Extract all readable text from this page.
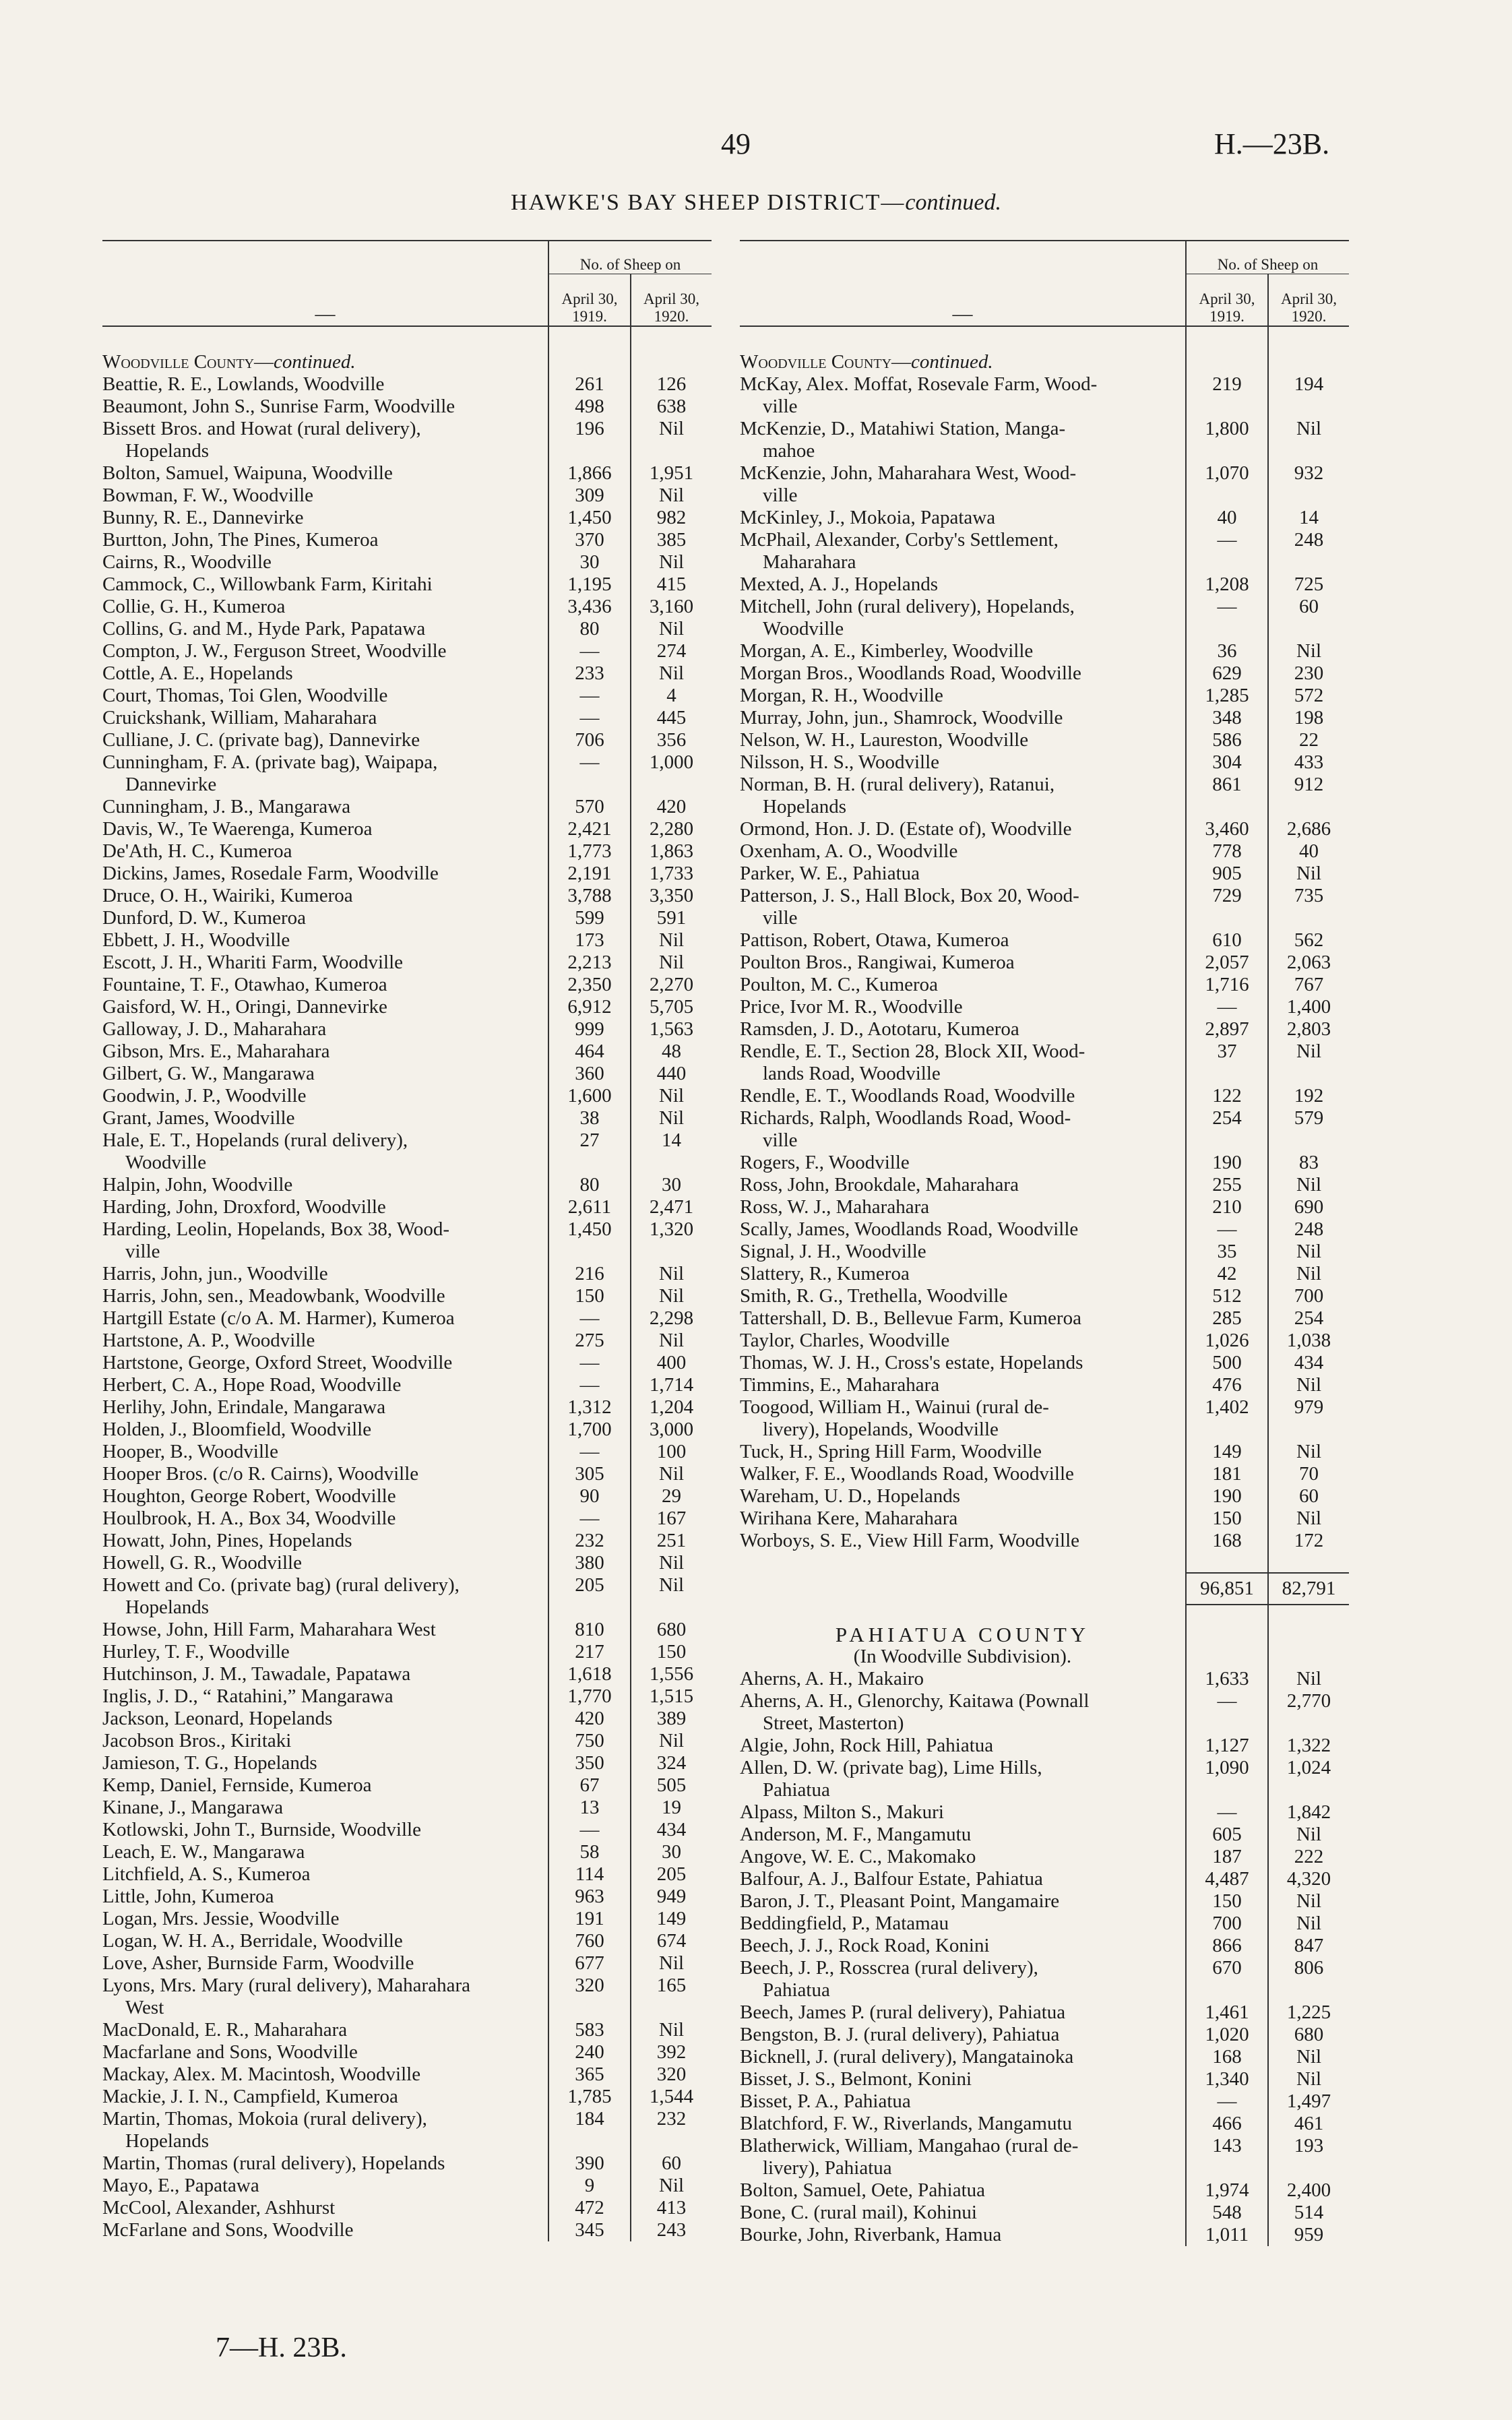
49	H.—23B.
HAWKE'S BAY SHEEP DISTRICT—continued.
—	No. of Sheep on	
	April 30, 1919.	April 30, 1920.
Woodville County—continued.		
Beattie, R. E., Lowlands, Woodville	261	126
Beaumont, John S., Sunrise Farm, Woodville	498	638
Bissett Bros. and Howat (rural delivery),
Hopelands	196	Nil
Bolton, Samuel, Waipuna, Woodville	1,866	1,951
Bowman, F. W., Woodville	309	Nil
Bunny, R. E., Dannevirke	1,450	982
Burtton, John, The Pines, Kumeroa	370	385
Cairns, R., Woodville	30	Nil
Cammock, C., Willowbank Farm, Kiritahi	1,195	415
Collie, G. H., Kumeroa	3,436	3,160
Collins, G. and M., Hyde Park, Papatawa	80	Nil
Compton, J. W., Ferguson Street, Woodville	—	274
Cottle, A. E., Hopelands	233	Nil
Court, Thomas, Toi Glen, Woodville	—	4
Cruickshank, William, Maharahara	—	445
Culliane, J. C. (private bag), Dannevirke	706	356
Cunningham, F. A. (private bag), Waipapa,
Dannevirke	—	1,000
Cunningham, J. B., Mangarawa	570	420
Davis, W., Te Waerenga, Kumeroa	2,421	2,280
De'Ath, H. C., Kumeroa	1,773	1,863
Dickins, James, Rosedale Farm, Woodville	2,191	1,733
Druce, O. H., Wairiki, Kumeroa	3,788	3,350
Dunford, D. W., Kumeroa	599	591
Ebbett, J. H., Woodville	173	Nil
Escott, J. H., Whariti Farm, Woodville	2,213	Nil
Fountaine, T. F., Otawhao, Kumeroa	2,350	2,270
Gaisford, W. H., Oringi, Dannevirke	6,912	5,705
Galloway, J. D., Maharahara	999	1,563
Gibson, Mrs. E., Maharahara	464	48
Gilbert, G. W., Mangarawa	360	440
Goodwin, J. P., Woodville	1,600	Nil
Grant, James, Woodville	38	Nil
Hale, E. T., Hopelands (rural delivery),
Woodville	27	14
Halpin, John, Woodville	80	30
Harding, John, Droxford, Woodville	2,611	2,471
Harding, Leolin, Hopelands, Box 38, Wood-
ville	1,450	1,320
Harris, John, jun., Woodville	216	Nil
Harris, John, sen., Meadowbank, Woodville	150	Nil
Hartgill Estate (c/o A. M. Harmer), Kumeroa	—	2,298
Hartstone, A. P., Woodville	275	Nil
Hartstone, George, Oxford Street, Woodville	—	400
Herbert, C. A., Hope Road, Woodville	—	1,714
Herlihy, John, Erindale, Mangarawa	1,312	1,204
Holden, J., Bloomfield, Woodville	1,700	3,000
Hooper, B., Woodville	—	100
Hooper Bros. (c/o R. Cairns), Woodville	305	Nil
Houghton, George Robert, Woodville	90	29
Houlbrook, H. A., Box 34, Woodville	—	167
Howatt, John, Pines, Hopelands	232	251
Howell, G. R., Woodville	380	Nil
Howett and Co. (private bag) (rural delivery),
Hopelands	205	Nil
Howse, John, Hill Farm, Maharahara West	810	680
Hurley, T. F., Woodville	217	150
Hutchinson, J. M., Tawadale, Papatawa	1,618	1,556
Inglis, J. D., “ Ratahini,” Mangarawa	1,770	1,515
Jackson, Leonard, Hopelands	420	389
Jacobson Bros., Kiritaki	750	Nil
Jamieson, T. G., Hopelands	350	324
Kemp, Daniel, Fernside, Kumeroa	67	505
Kinane, J., Mangarawa	13	19
Kotlowski, John T., Burnside, Woodville	—	434
Leach, E. W., Mangarawa	58	30
Litchfield, A. S., Kumeroa	114	205
Little, John, Kumeroa	963	949
Logan, Mrs. Jessie, Woodville	191	149
Logan, W. H. A., Berridale, Woodville	760	674
Love, Asher, Burnside Farm, Woodville	677	Nil
Lyons, Mrs. Mary (rural delivery), Maharahara
West	320	165
MacDonald, E. R., Maharahara	583	Nil
Macfarlane and Sons, Woodville	240	392
Mackay, Alex. M. Macintosh, Woodville	365	320
Mackie, J. I. N., Campfield, Kumeroa	1,785	1,544
Martin, Thomas, Mokoia (rural delivery),
Hopelands	184	232
Martin, Thomas (rural delivery), Hopelands	390	60
Mayo, E., Papatawa	9	Nil
McCool, Alexander, Ashhurst	472	413
McFarlane and Sons, Woodville	345	243
—	No. of Sheep on	
	April 30, 1919.	April 30, 1920.
Woodville County—continued.		
McKay, Alex. Moffat, Rosevale Farm, Wood-
ville	219	194
McKenzie, D., Matahiwi Station, Manga-
mahoe	1,800	Nil
McKenzie, John, Maharahara West, Wood-
ville	1,070	932
McKinley, J., Mokoia, Papatawa	40	14
McPhail, Alexander, Corby's Settlement,
Maharahara	—	248
Mexted, A. J., Hopelands	1,208	725
Mitchell, John (rural delivery), Hopelands,
Woodville	—	60
Morgan, A. E., Kimberley, Woodville	36	Nil
Morgan Bros., Woodlands Road, Woodville	629	230
Morgan, R. H., Woodville	1,285	572
Murray, John, jun., Shamrock, Woodville	348	198
Nelson, W. H., Laureston, Woodville	586	22
Nilsson, H. S., Woodville	304	433
Norman, B. H. (rural delivery), Ratanui,
Hopelands	861	912
Ormond, Hon. J. D. (Estate of), Woodville	3,460	2,686
Oxenham, A. O., Woodville	778	40
Parker, W. E., Pahiatua	905	Nil
Patterson, J. S., Hall Block, Box 20, Wood-
ville	729	735
Pattison, Robert, Otawa, Kumeroa	610	562
Poulton Bros., Rangiwai, Kumeroa	2,057	2,063
Poulton, M. C., Kumeroa	1,716	767
Price, Ivor M. R., Woodville	—	1,400
Ramsden, J. D., Aototaru, Kumeroa	2,897	2,803
Rendle, E. T., Section 28, Block XII, Wood-
lands Road, Woodville	37	Nil
Rendle, E. T., Woodlands Road, Woodville	122	192
Richards, Ralph, Woodlands Road, Wood-
ville	254	579
Rogers, F., Woodville	190	83
Ross, John, Brookdale, Maharahara	255	Nil
Ross, W. J., Maharahara	210	690
Scally, James, Woodlands Road, Woodville	—	248
Signal, J. H., Woodville	35	Nil
Slattery, R., Kumeroa	42	Nil
Smith, R. G., Trethella, Woodville	512	700
Tattershall, D. B., Bellevue Farm, Kumeroa	285	254
Taylor, Charles, Woodville	1,026	1,038
Thomas, W. J. H., Cross's estate, Hopelands	500	434
Timmins, E., Maharahara	476	Nil
Toogood, William H., Wainui (rural de-
livery), Hopelands, Woodville	1,402	979
Tuck, H., Spring Hill Farm, Woodville	149	Nil
Walker, F. E., Woodlands Road, Woodville	181	70
Wareham, U. D., Hopelands	190	60
Wirihana Kere, Maharahara	150	Nil
Worboys, S. E., View Hill Farm, Woodville	168	172

	96,851	82,791
PAHIATUA COUNTY		
(In Woodville Subdivision).		
Aherns, A. H., Makairo	1,633	Nil
Aherns, A. H., Glenorchy, Kaitawa (Pownall
Street, Masterton)	—	2,770
Algie, John, Rock Hill, Pahiatua	1,127	1,322
Allen, D. W. (private bag), Lime Hills,
Pahiatua	1,090	1,024
Alpass, Milton S., Makuri	—	1,842
Anderson, M. F., Mangamutu	605	Nil
Angove, W. E. C., Makomako	187	222
Balfour, A. J., Balfour Estate, Pahiatua	4,487	4,320
Baron, J. T., Pleasant Point, Mangamaire	150	Nil
Beddingfield, P., Matamau	700	Nil
Beech, J. J., Rock Road, Konini	866	847
Beech, J. P., Rosscrea (rural delivery),
Pahiatua	670	806
Beech, James P. (rural delivery), Pahiatua	1,461	1,225
Bengston, B. J. (rural delivery), Pahiatua	1,020	680
Bicknell, J. (rural delivery), Mangatainoka	168	Nil
Bisset, J. S., Belmont, Konini	1,340	Nil
Bisset, P. A., Pahiatua	—	1,497
Blatchford, F. W., Riverlands, Mangamutu	466	461
Blatherwick, William, Mangahao (rural de-
livery), Pahiatua	143	193
Bolton, Samuel, Oete, Pahiatua	1,974	2,400
Bone, C. (rural mail), Kohinui	548	514
Bourke, John, Riverbank, Hamua	1,011	959
7—H. 23B.
